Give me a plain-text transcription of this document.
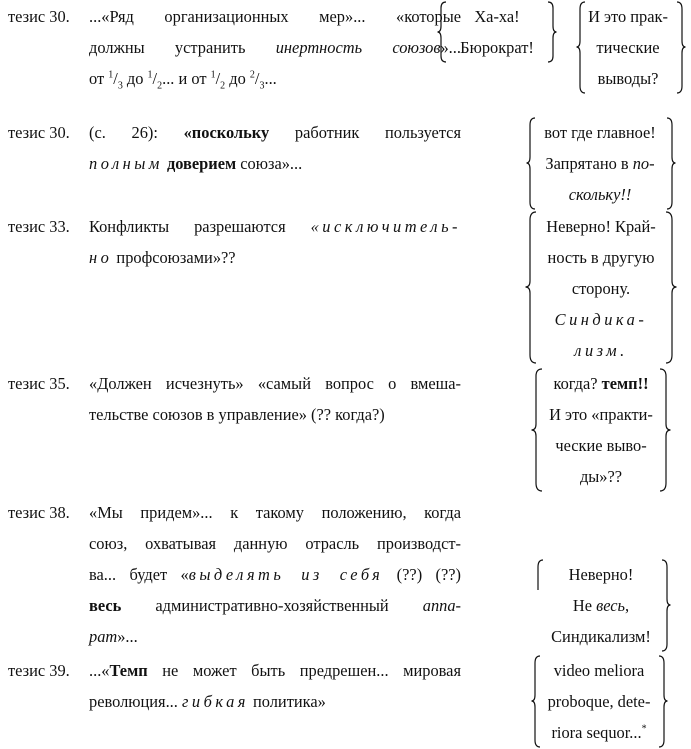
тезис 30. ...«Ряд организационных мер»... «которые
должны устранить инертность союзов»...
от $^1/_3$ до $^1/_2$... и от $^1/_2$ до $^2/_3$...
Ха-ха!
Бюрократ!
И это прак-
тические
выводы?
тезис 30. (с. 26): «поскольку работник пользуется
полным доверием союза»...
вот где главное!
Запрятано в по-
скольку!!
тезис 33. Конфликты разрешаются «исключитель-
но профсоюзами»??
Неверно! Край-
ность в другую
сторону.
Синдика-
лизм.
тезис 35. «Должен исчезнуть» «самый вопрос о вмеша-
тельстве союзов в управление» (?? когда?)
когда? темп!!
И это «практи-
ческие выво-
ды»??
тезис 38. «Мы придем»... к такому положению, когда
союз, охватывая данную отрасль производст-
ва... будет «выделять из себя (??) (??)
весь административно-хозяйственный аппа-
рат»...
Неверно!
Не весь,
Синдикализм!
тезис 39. ...«Темп не может быть предрешен... мировая
революция... гибкая политика»
video meliora
proboque, dete-
riora sequor...*
